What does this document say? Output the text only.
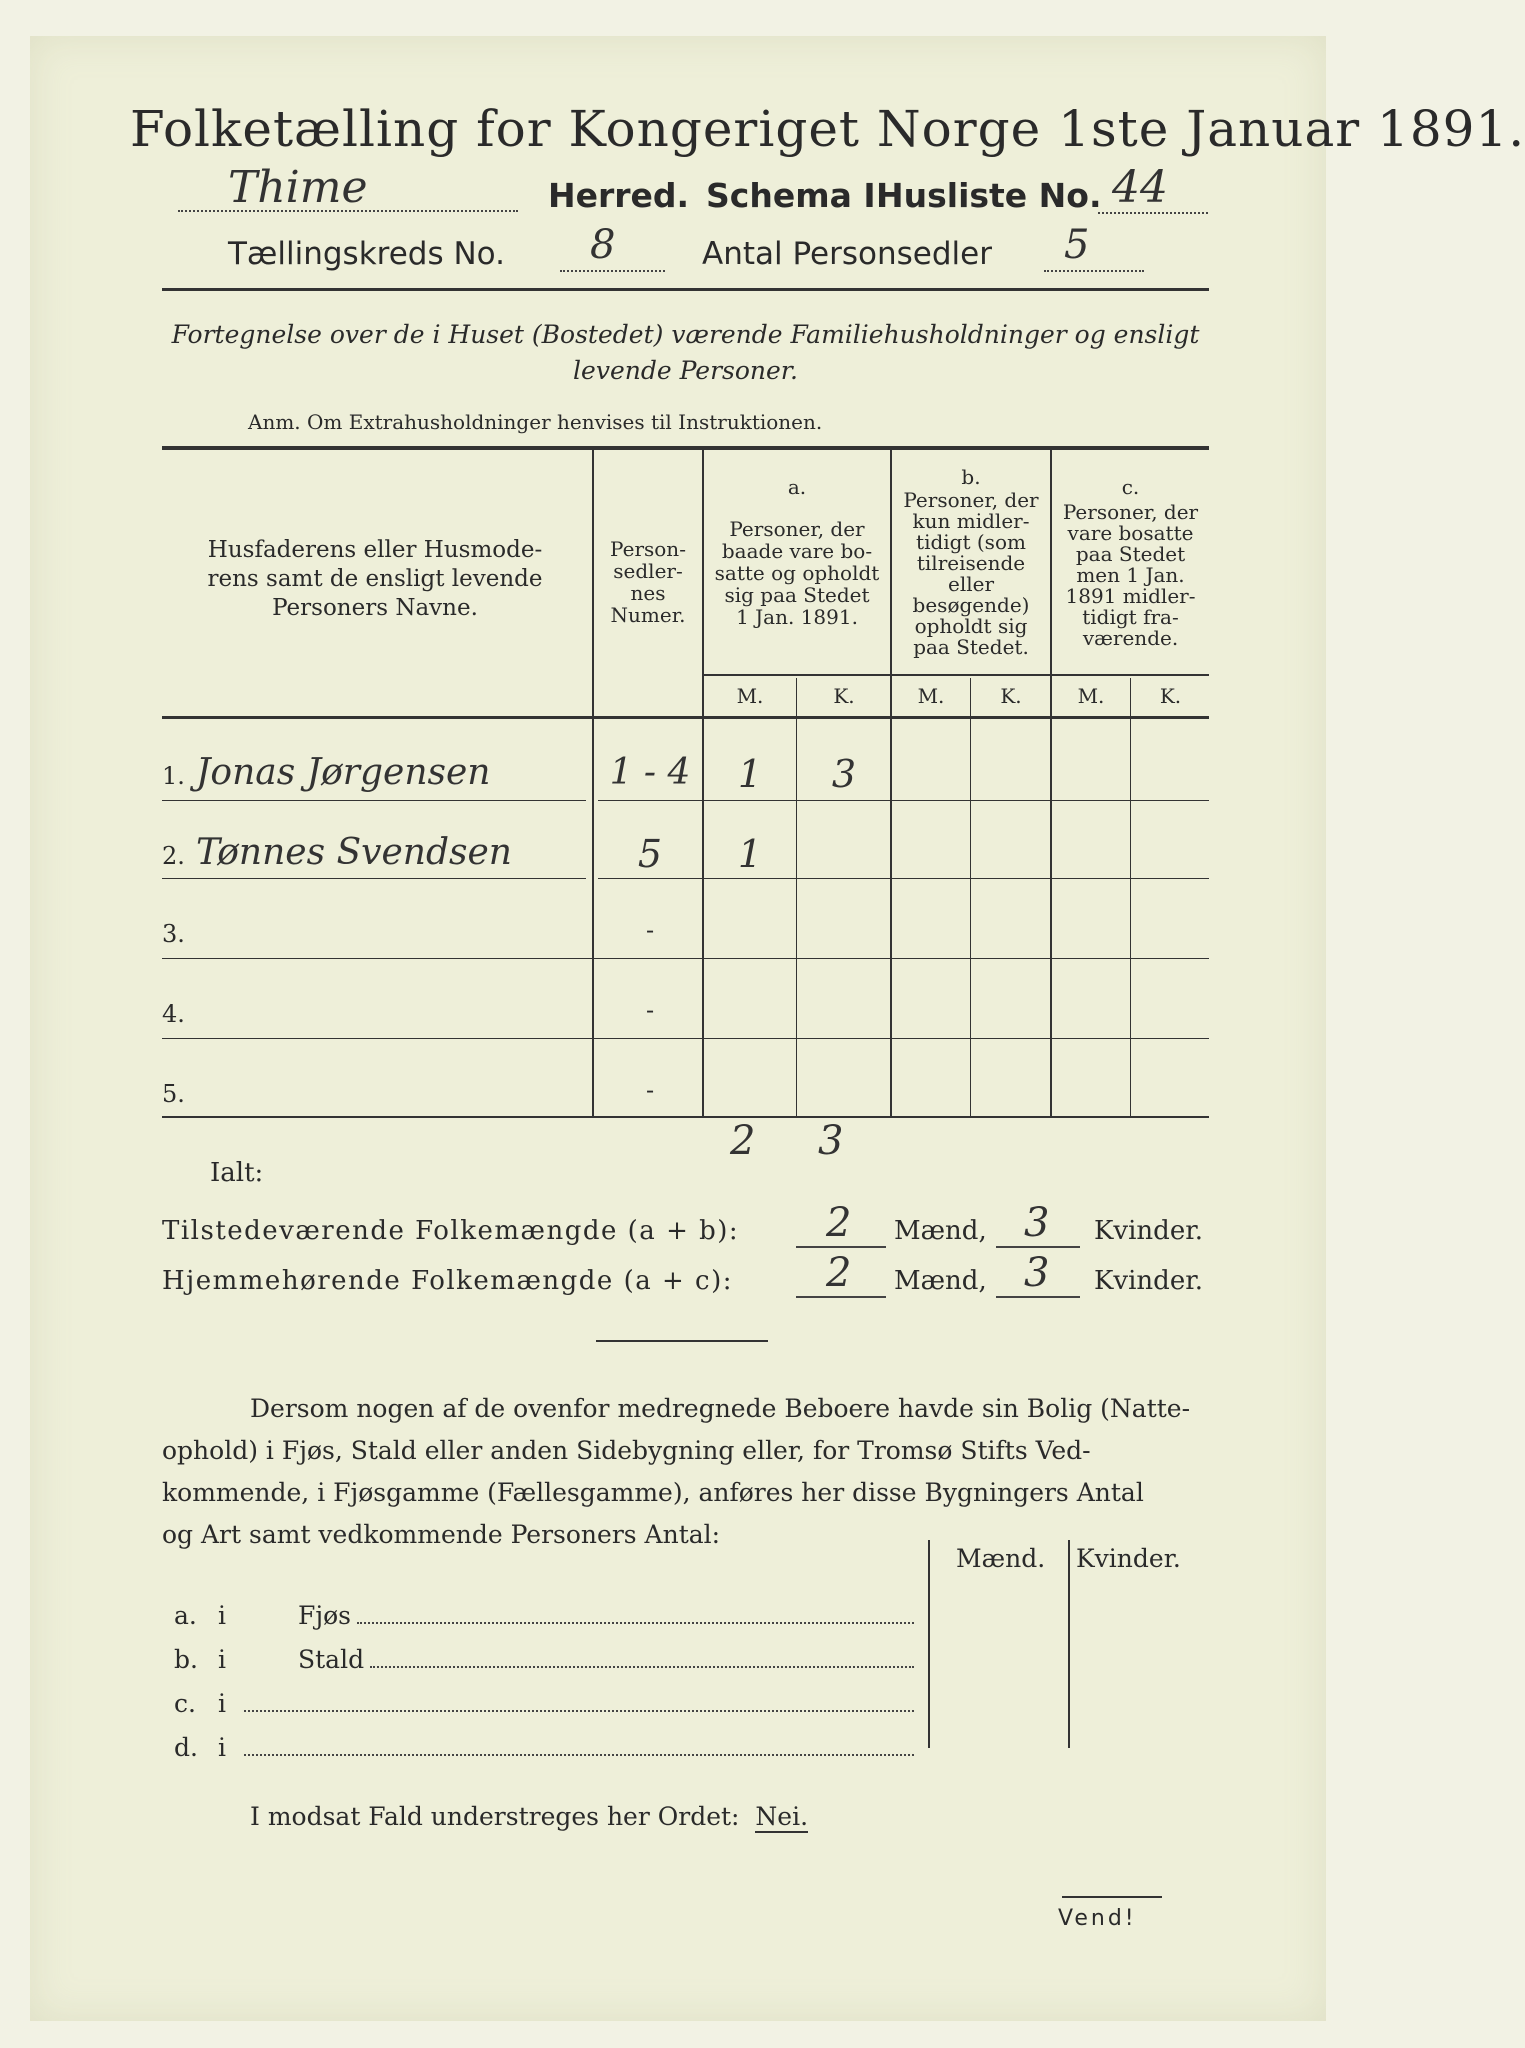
Folketælling for Kongeriget Norge 1ste Januar 1891.
Thime	Herred. Schema I.
Husliste No. 44
Tællingskreds No. 8	Antal Personsedler 5
Fortegnelse over de i Huset (Bostedet) værende Familiehusholdninger og ensligt
levende Personer.
Anm. Om Extrahusholdninger henvises til Instruktionen.
Husfaderens eller Husmode-
rens samt de ensligt levende
Personers Navne.
Person-
sedler-
nes
Numer.
a.
Personer, der
baade vare bo-
satte og opholdt
sig paa Stedet
1 Jan. 1891.
b.
Personer, der
kun midler-
tidigt (som
tilreisende
eller
besøgende)
opholdt sig
paa Stedet.
c.
Personer, der
vare bosatte
paa Stedet
men 1 Jan.
1891 midler-
tidigt fra-
værende.
M.	K.	M.	K.	M.	K.
1. Jonas Jørgensen	1 - 4	1	3
2. Tønnes Svendsen	5	1
3.	-
4.	-
5.	-
Ialt:
2 3
Tilstedeværende Folkemængde (a + b): 2 Mænd, 3 Kvinder.
Hjemmehørende Folkemængde (a + c): 2 Mænd, 3 Kvinder.
Dersom nogen af de ovenfor medregnede Beboere havde sin Bolig (Natte-
ophold) i Fjøs, Stald eller anden Sidebygning eller, for Tromsø Stifts Ved-
kommende, i Fjøsgamme (Fællesgamme), anføres her disse Bygningers Antal
og Art samt vedkommende Personers Antal:
Mænd. Kvinder.
a. i	Fjøs
b. i	Stald
c. i
d. i
I modsat Fald understreges her Ordet: Nei.
Vend!
